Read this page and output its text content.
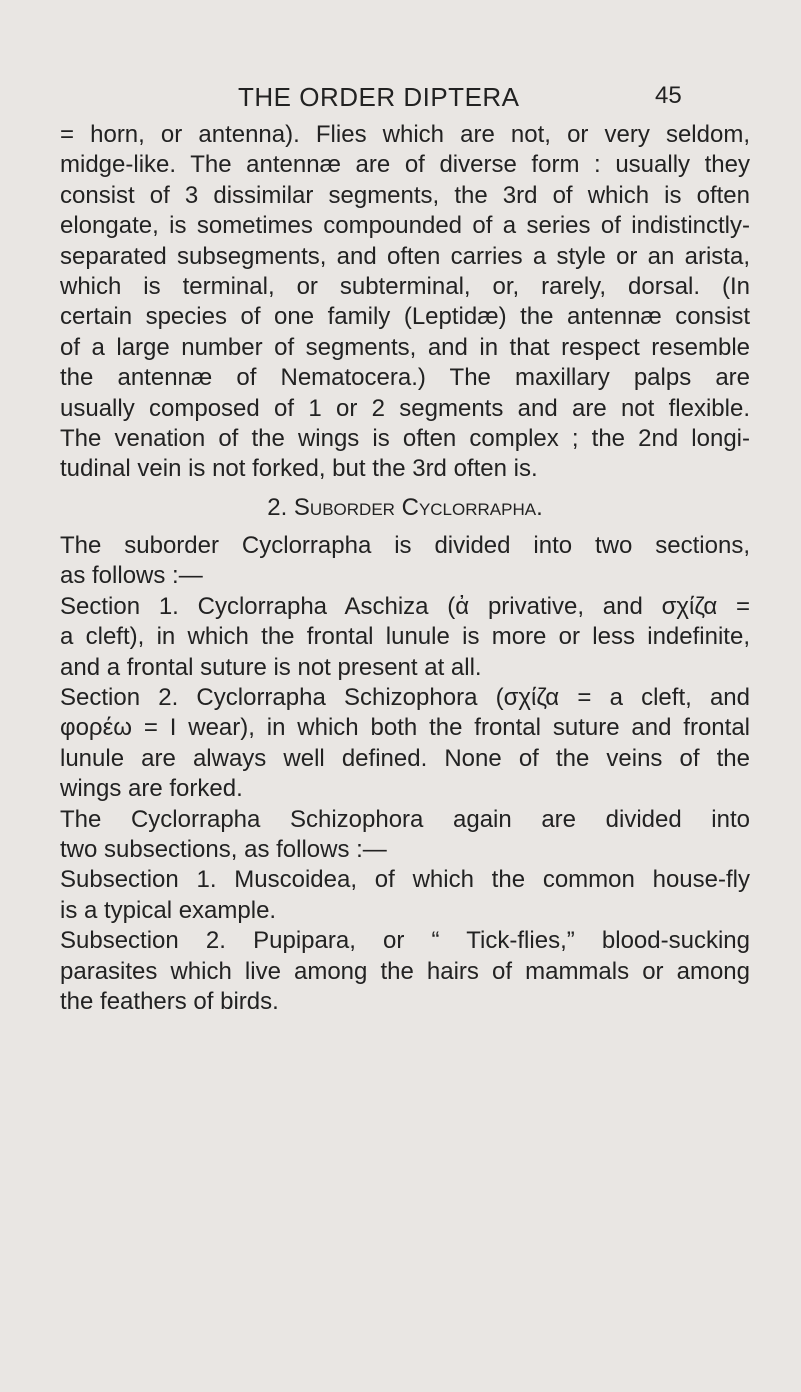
THE ORDER DIPTERA	45
= horn, or antenna). Flies which are not, or very seldom,
midge-like. The antennæ are of diverse form : usually they
consist of 3 dissimilar segments, the 3rd of which is often
elongate, is sometimes compounded of a series of indistinctly-
separated subsegments, and often carries a style or an arista,
which is terminal, or subterminal, or, rarely, dorsal. (In
certain species of one family (Leptidæ) the antennæ consist
of a large number of segments, and in that respect resemble
the antennæ of Nematocera.) The maxillary palps are
usually composed of 1 or 2 segments and are not flexible.
The venation of the wings is often complex ; the 2nd longi-
tudinal vein is not forked, but the 3rd often is.
2. Suborder Cyclorrapha.
The suborder Cyclorrapha is divided into two sections,
as follows :—
Section 1. Cyclorrapha Aschiza (ἀ privative, and σχίζα =
a cleft), in which the frontal lunule is more or less indefinite,
and a frontal suture is not present at all.
Section 2. Cyclorrapha Schizophora (σχίζα = a cleft, and
φορέω = I wear), in which both the frontal suture and frontal
lunule are always well defined. None of the veins of the
wings are forked.
The Cyclorrapha Schizophora again are divided into
two subsections, as follows :—
Subsection 1. Muscoidea, of which the common house-fly
is a typical example.
Subsection 2. Pupipara, or “ Tick-flies,” blood-sucking
parasites which live among the hairs of mammals or among
the feathers of birds.
